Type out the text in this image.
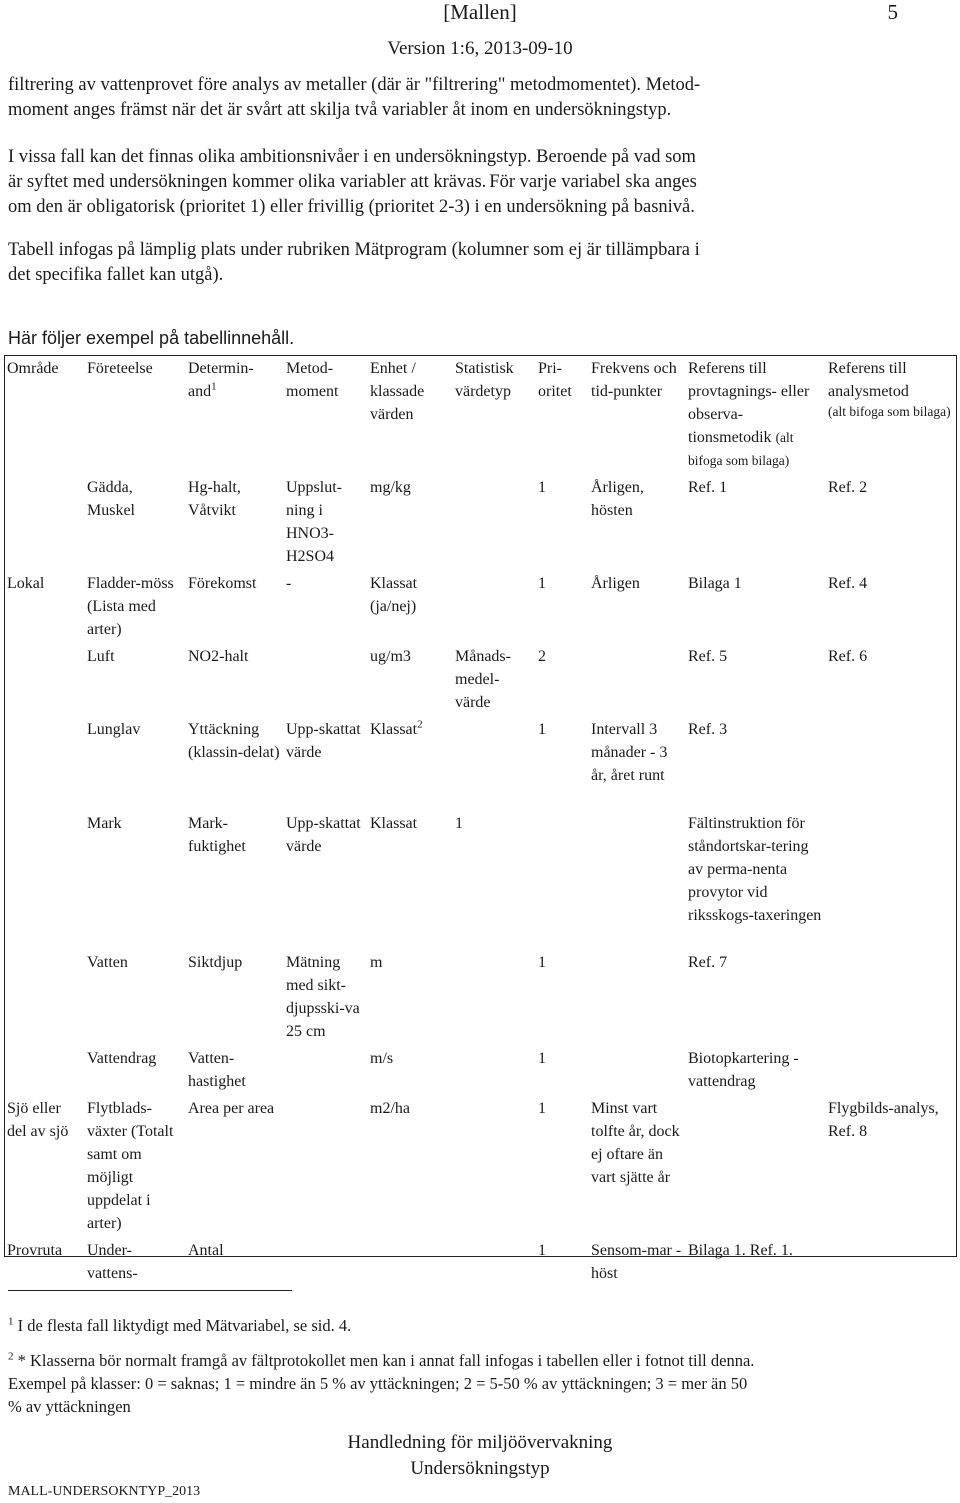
[Mallen]	5
Version 1:6, 2013-09-10
filtrering av vattenprovet före analys av metaller (där är "filtrering" metodmomentet). Metod-
moment anges främst när det är svårt att skilja två variabler åt inom en undersökningstyp.
I vissa fall kan det finnas olika ambitionsnivåer i en undersökningstyp. Beroende på vad som
är syftet med undersökningen kommer olika variabler att krävas. För varje variabel ska anges
om den är obligatorisk (prioritet 1) eller frivillig (prioritet 2-3) i en undersökning på basnivå.
Tabell infogas på lämplig plats under rubriken Mätprogram (kolumner som ej är tillämpbara i
det specifika fallet kan utgå).
Här följer exempel på tabellinnehåll.
Område	Företeelse	Determin-and$^1$	Metod-moment	Enhet / klassade värden	Statistisk värdetyp	Pri-oritet	Frekvens och tid-punkter	Referens till provtagnings- eller observa-tionsmetodik (alt bifoga som bilaga)	Referens till analysmetod
(alt bifoga som bilaga)

	Gädda, Muskel	Hg-halt, Våtvikt	Uppslut-ning i HNO3-H2SO4	mg/kg		1	Årligen, hösten	Ref. 1	Ref. 2
Lokal	Fladder-möss (Lista med arter)	Förekomst	-	Klassat (ja/nej)		1	Årligen	Bilaga 1	Ref. 4
	Luft	NO2-halt		ug/m3	Månads-medel-värde	2		Ref. 5	Ref. 6
	Lunglav	Yttäckning (klassin-delat)	Upp-skattat värde	Klassat$^2$		1	Intervall 3 månader - 3 år, året runt	Ref. 3	
	Mark	Mark-fuktighet	Upp-skattat värde	Klassat	1			Fältinstruktion för ståndortskar-tering av perma-nenta provytor vid riksskogs-taxeringen	
	Vatten	Siktdjup	Mätning med sikt-djupsski-va 25 cm	m		1		Ref. 7	
	Vattendrag	Vatten-hastighet		m/s		1		Biotopkartering - vattendrag	
Sjö eller del av sjö	Flytblads-växter (Totalt samt om möjligt uppdelat i arter)	Area per area		m2/ha		1	Minst vart tolfte år, dock ej oftare än vart sjätte år		Flygbilds-analys, Ref. 8
Provruta	Under-vattens-	Antal				1	Sensom-mar - höst	Bilaga 1. Ref. 1.	
$^1$ I de flesta fall liktydigt med Mätvariabel, se sid. 4.
$^2$ * Klasserna bör normalt framgå av fältprotokollet men kan i annat fall infogas i tabellen eller i fotnot till denna.
Exempel på klasser: 0 = saknas; 1 = mindre än 5 % av yttäckningen; 2 = 5-50 % av yttäckningen; 3 = mer än 50
% av yttäckningen
Handledning för miljöövervakning
Undersökningstyp
MALL-UNDERSOKNTYP_2013
